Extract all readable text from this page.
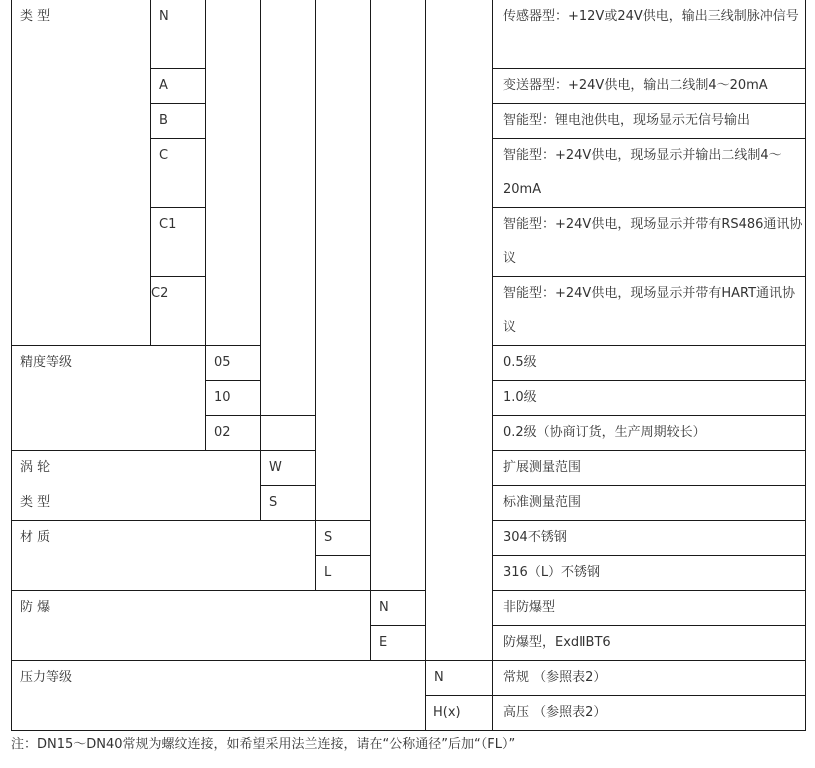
类 型
精度等级
涡 轮
类 型
材 质
防 爆
压力等级
N
A
B
C
C1
C2
05
10
02
W
S
S
L
N
E
N
H(x)
传感器型：+12V或24V供电，输出三线制脉冲信号
变送器型：+24V供电，输出二线制4～20mA
智能型：锂电池供电，现场显示无信号输出
智能型：+24V供电，现场显示并输出二线制4～20mA
智能型：+24V供电，现场显示并带有RS486通讯协议
智能型：+24V供电，现场显示并带有HART通讯协议
0.5级
1.0级
0.2级（协商订货，生产周期较长）
扩展测量范围
标准测量范围
304不锈钢
316（L）不锈钢
非防爆型
防爆型，ExdⅡBT6
常规 （参照表2）
高压 （参照表2）
注：DN15～DN40常规为螺纹连接，如希望采用法兰连接，请在“公称通径”后加“（FL）”
